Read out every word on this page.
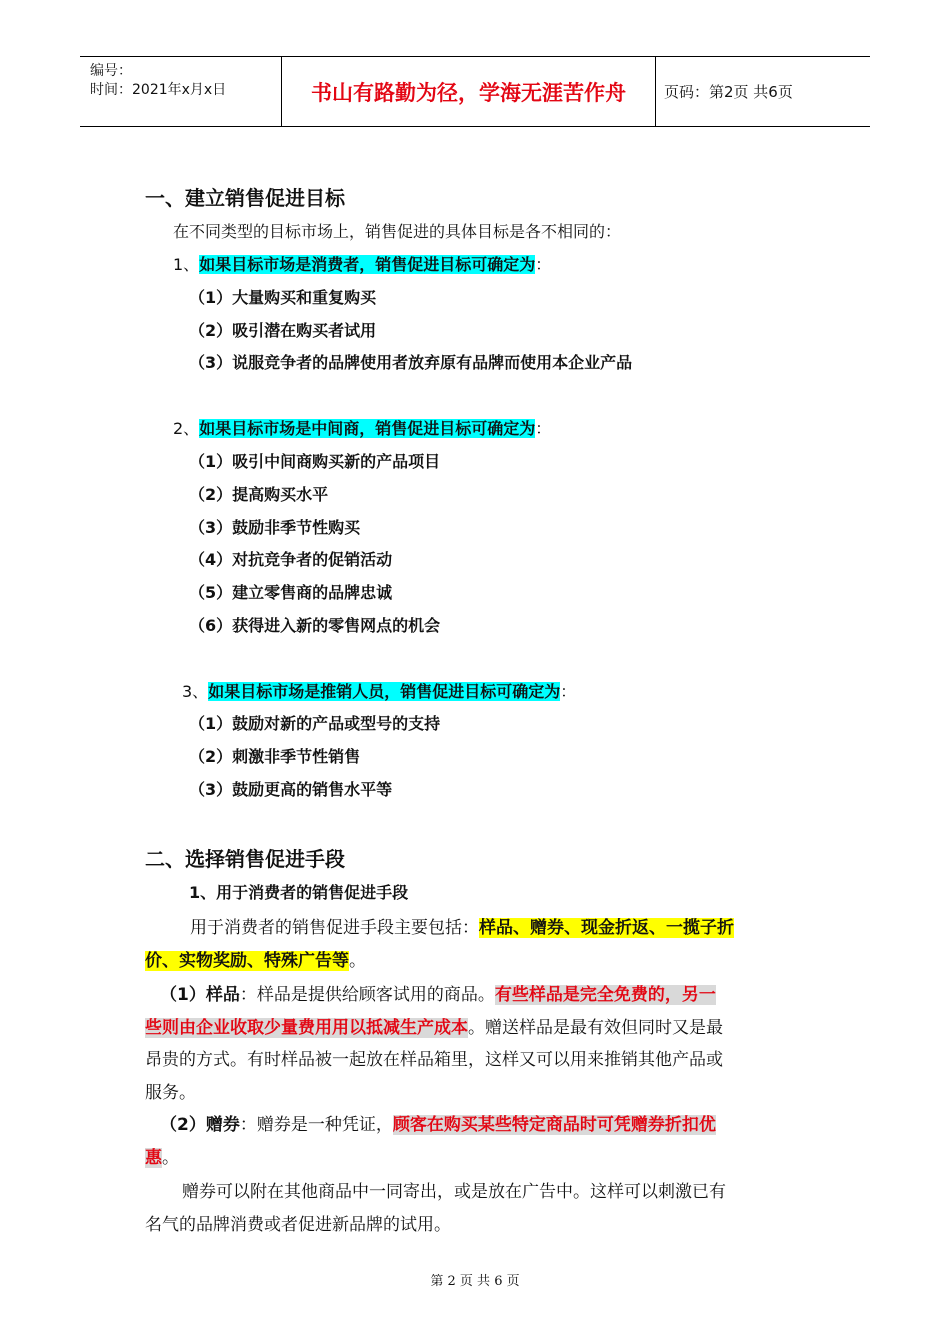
编号：
时间：2021年x月x日	书山有路勤为径，学海无涯苦作舟	页码：第2页 共6页
一、建立销售促进目标
在不同类型的目标市场上，销售促进的具体目标是各不相同的：
1、如果目标市场是消费者，销售促进目标可确定为：
（1）大量购买和重复购买
（2）吸引潜在购买者试用
（3）说服竞争者的品牌使用者放弃原有品牌而使用本企业产品
2、如果目标市场是中间商，销售促进目标可确定为：
（1）吸引中间商购买新的产品项目
（2）提高购买水平
（3）鼓励非季节性购买
（4）对抗竞争者的促销活动
（5）建立零售商的品牌忠诚
（6）获得进入新的零售网点的机会
3、如果目标市场是推销人员，销售促进目标可确定为：
（1）鼓励对新的产品或型号的支持
（2）刺激非季节性销售
（3）鼓励更高的销售水平等
二、选择销售促进手段
1、用于消费者的销售促进手段
用于消费者的销售促进手段主要包括：样品、赠券、现金折返、一揽子折
价、实物奖励、特殊广告等。
（1）样品：样品是提供给顾客试用的商品。有些样品是完全免费的，另一
些则由企业收取少量费用用以抵减生产成本。赠送样品是最有效但同时又是最
昂贵的方式。有时样品被一起放在样品箱里，这样又可以用来推销其他产品或
服务。
（2）赠券：赠券是一种凭证，顾客在购买某些特定商品时可凭赠券折扣优
惠。
赠券可以附在其他商品中一同寄出，或是放在广告中。这样可以刺激已有
名气的品牌消费或者促进新品牌的试用。
第 2 页 共 6 页
